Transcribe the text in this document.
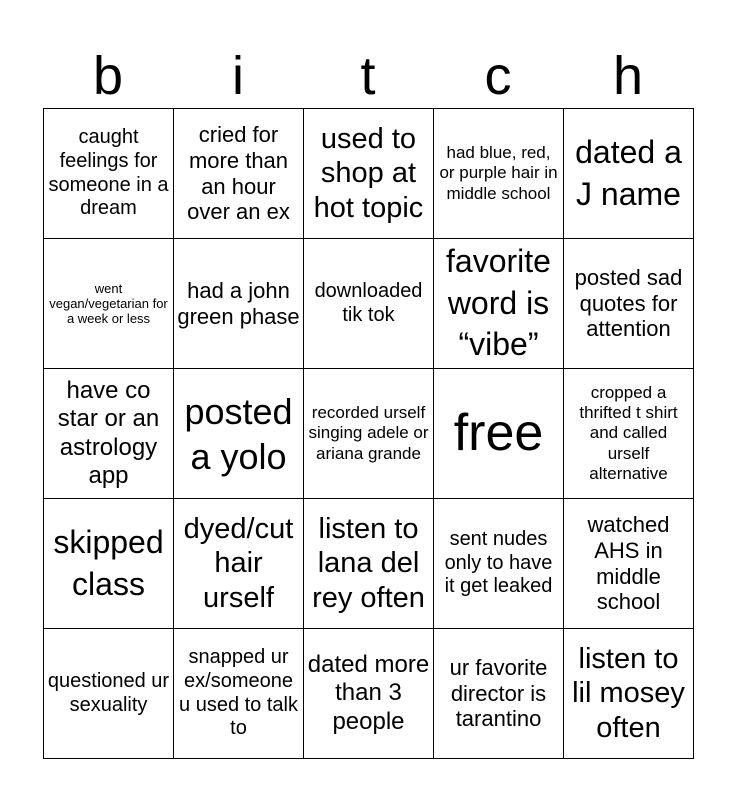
b	i	t	c	h
caught feelings for someone in a dream	cried for more than an hour over an ex	used to shop at hot topic	had blue, red, or purple hair in middle school	dated a J name
went vegan/vegetarian for a week or less	had a john green phase	downloaded tik tok	favorite word is “vibe”	posted sad quotes for attention
have co star or an astrology app	posted a yolo	recorded urself singing adele or ariana grande	free	cropped a thrifted t shirt and called urself alternative
skipped class	dyed/cut hair urself	listen to lana del rey often	sent nudes only to have it get leaked	watched AHS in middle school
questioned ur sexuality	snapped ur ex/someone u used to talk to	dated more than 3 people	ur favorite director is tarantino	listen to lil mosey often
